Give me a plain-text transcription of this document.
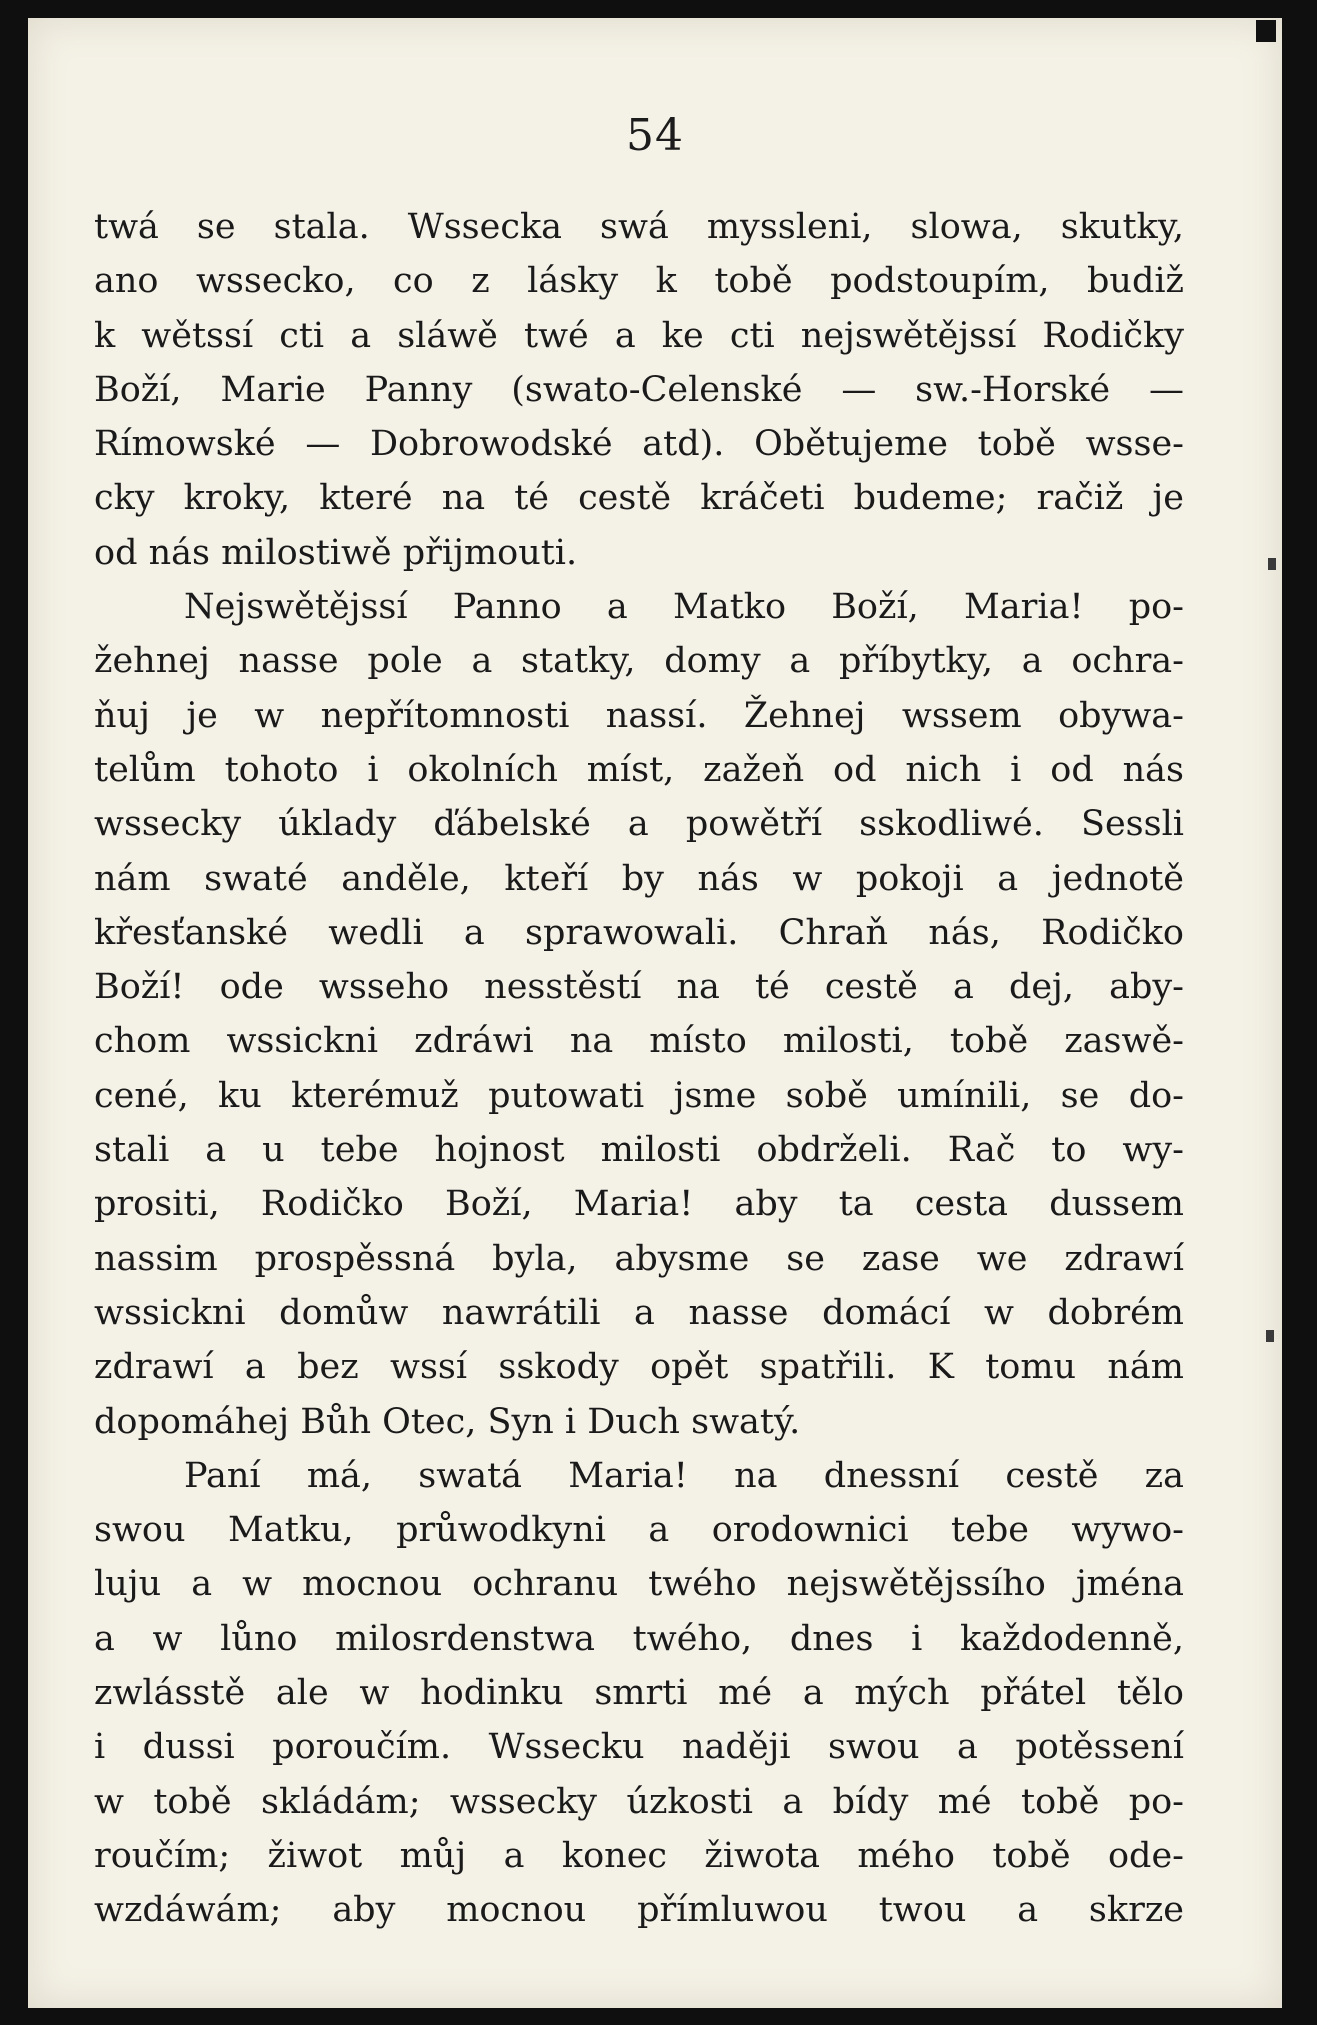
54
twá se stala. Wssecka swá myssleni, slowa, skutky,
ano wssecko, co z lásky k tobě podstoupím, budiž
k wětssí cti a sláwě twé a ke cti nejswětějssí Rodičky
Boží, Marie Panny (swato-Celenské — sw.-Horské —
Rímowské — Dobrowodské atd). Obětujeme tobě wsse-
cky kroky, které na té cestě kráčeti budeme; račiž je
od nás milostiwě přijmouti.
Nejswětějssí Panno a Matko Boží, Maria! po-
žehnej nasse pole a statky, domy a příbytky, a ochra-
ňuj je w nepřítomnosti nassí. Žehnej wssem obywa-
telům tohoto i okolních míst, zažeň od nich i od nás
wssecky úklady ďábelské a powětří sskodliwé. Sessli
nám swaté anděle, kteří by nás w pokoji a jednotě
křesťanské wedli a sprawowali. Chraň nás, Rodičko
Boží! ode wsseho nesstěstí na té cestě a dej, aby-
chom wssickni zdráwi na místo milosti, tobě zaswě-
cené, ku kterémuž putowati jsme sobě umínili, se do-
stali a u tebe hojnost milosti obdrželi. Rač to wy-
prositi, Rodičko Boží, Maria! aby ta cesta dussem
nassim prospěssná byla, abysme se zase we zdrawí
wssickni domůw nawrátili a nasse domácí w dobrém
zdrawí a bez wssí sskody opět spatřili. K tomu nám
dopomáhej Bůh Otec, Syn i Duch swatý.
Paní má, swatá Maria! na dnessní cestě za
swou Matku, průwodkyni a orodownici tebe wywo-
luju a w mocnou ochranu twého nejswětějssího jména
a w lůno milosrdenstwa twého, dnes i každodenně,
zwlásstě ale w hodinku smrti mé a mých přátel tělo
i dussi poroučím. Wssecku naději swou a potěssení
w tobě skládám; wssecky úzkosti a bídy mé tobě po-
roučím; žiwot můj a konec žiwota mého tobě ode-
wzdáwám; aby mocnou přímluwou twou a skrze
